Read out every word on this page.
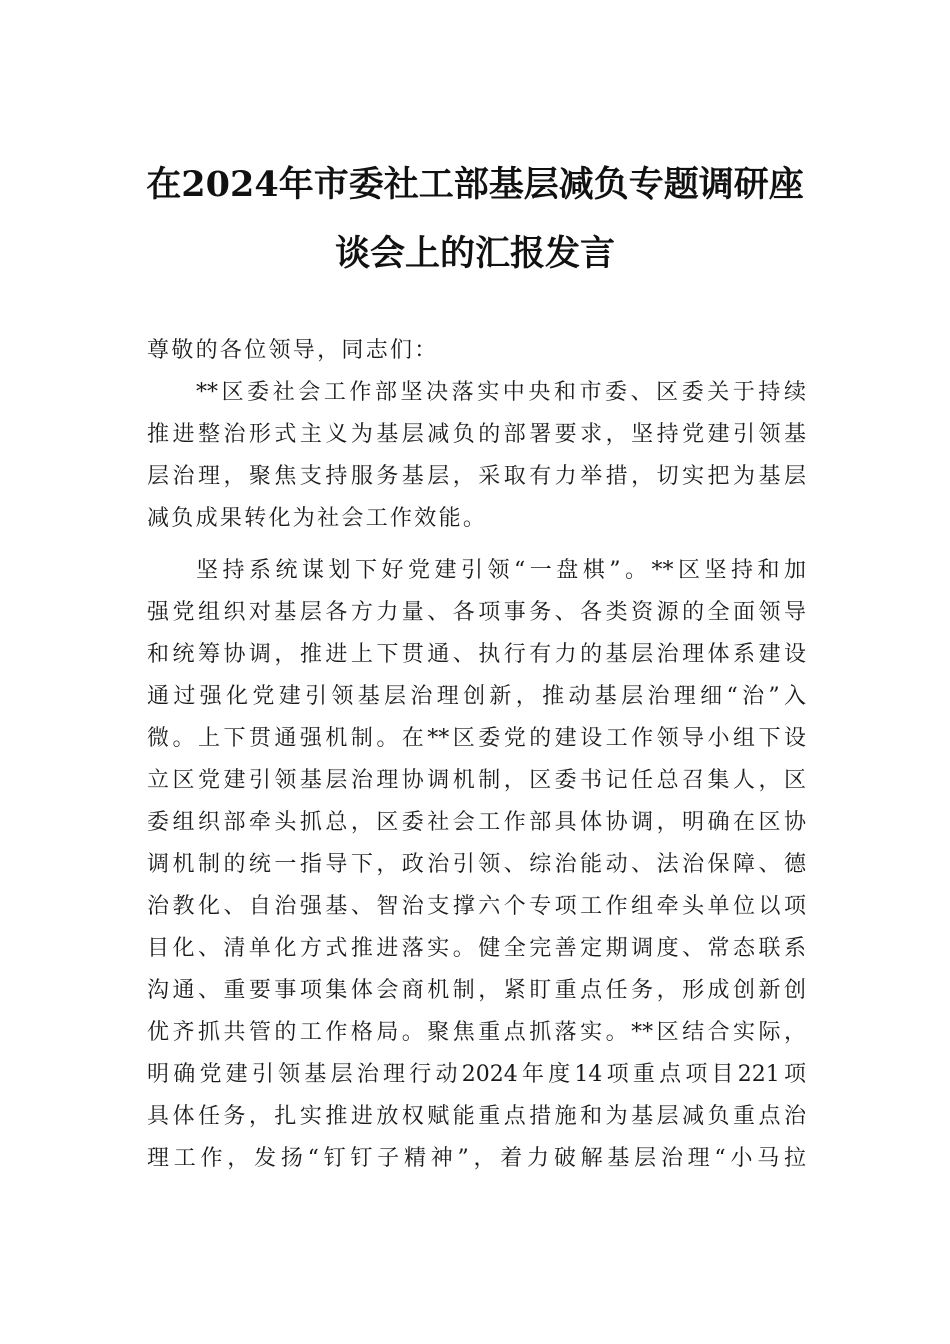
在2024年市委社工部基层减负专题调研座
谈会上的汇报发言
尊敬的各位领导，同志们：
**区委社会工作部坚决落实中央和市委、区委关于持续
推进整治形式主义为基层减负的部署要求，坚持党建引领基
层治理，聚焦支持服务基层，采取有力举措，切实把为基层
减负成果转化为社会工作效能。
坚持系统谋划下好党建引领“一盘棋”。**区坚持和加
强党组织对基层各方力量、各项事务、各类资源的全面领导
和统筹协调，推进上下贯通、执行有力的基层治理体系建设
通过强化党建引领基层治理创新，推动基层治理细“治”入
微。上下贯通强机制。在**区委党的建设工作领导小组下设
立区党建引领基层治理协调机制，区委书记任总召集人，区
委组织部牵头抓总，区委社会工作部具体协调，明确在区协
调机制的统一指导下，政治引领、综治能动、法治保障、德
治教化、自治强基、智治支撑六个专项工作组牵头单位以项
目化、清单化方式推进落实。健全完善定期调度、常态联系
沟通、重要事项集体会商机制，紧盯重点任务，形成创新创
优齐抓共管的工作格局。聚焦重点抓落实。**区结合实际，
明确党建引领基层治理行动2024年度14项重点项目221项
具体任务，扎实推进放权赋能重点措施和为基层减负重点治
理工作，发扬“钉钉子精神”，着力破解基层治理“小马拉
